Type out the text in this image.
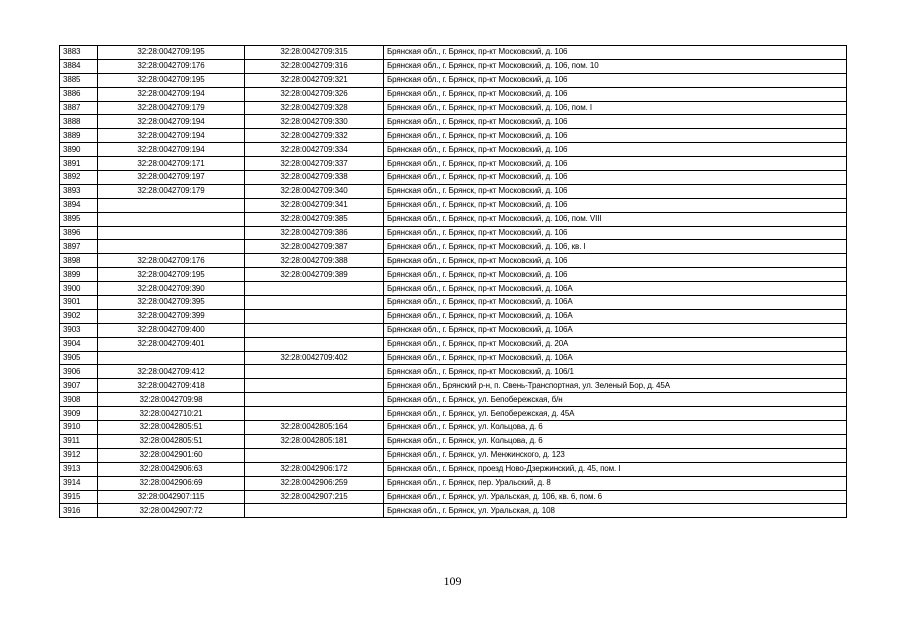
3883	32:28:0042709:195	32:28:0042709:315	Брянская обл., г. Брянск, пр-кт Московский, д. 106
3884	32:28:0042709:176	32:28:0042709:316	Брянская обл., г. Брянск, пр-кт Московский, д. 106, пом. 10
3885	32:28:0042709:195	32:28:0042709:321	Брянская обл., г. Брянск, пр-кт Московский, д. 106
3886	32:28:0042709:194	32:28:0042709:326	Брянская обл., г. Брянск, пр-кт Московский, д. 106
3887	32:28:0042709:179	32:28:0042709:328	Брянская обл., г. Брянск, пр-кт Московский, д. 106, пом. I
3888	32:28:0042709:194	32:28:0042709:330	Брянская обл., г. Брянск, пр-кт Московский, д. 106
3889	32:28:0042709:194	32:28:0042709:332	Брянская обл., г. Брянск, пр-кт Московский, д. 106
3890	32:28:0042709:194	32:28:0042709:334	Брянская обл., г. Брянск, пр-кт Московский, д. 106
3891	32:28:0042709:171	32:28:0042709:337	Брянская обл., г. Брянск, пр-кт Московский, д. 106
3892	32:28:0042709:197	32:28:0042709:338	Брянская обл., г. Брянск, пр-кт Московский, д. 106
3893	32:28:0042709:179	32:28:0042709:340	Брянская обл., г. Брянск, пр-кт Московский, д. 106
3894		32:28:0042709:341	Брянская обл., г. Брянск, пр-кт Московский, д. 106
3895		32:28:0042709:385	Брянская обл., г. Брянск, пр-кт Московский, д. 106, пом. VIII
3896		32:28:0042709:386	Брянская обл., г. Брянск, пр-кт Московский, д. 106
3897		32:28:0042709:387	Брянская обл., г. Брянск, пр-кт Московский, д. 106, кв. I
3898	32:28:0042709:176	32:28:0042709:388	Брянская обл., г. Брянск, пр-кт Московский, д. 106
3899	32:28:0042709:195	32:28:0042709:389	Брянская обл., г. Брянск, пр-кт Московский, д. 106
3900	32:28:0042709:390		Брянская обл., г. Брянск, пр-кт Московский, д. 106А
3901	32:28:0042709:395		Брянская обл., г. Брянск, пр-кт Московский, д. 106А
3902	32:28:0042709:399		Брянская обл., г. Брянск, пр-кт Московский, д. 106А
3903	32:28:0042709:400		Брянская обл., г. Брянск, пр-кт Московский, д. 106А
3904	32:28:0042709:401		Брянская обл., г. Брянск, пр-кт Московский, д. 20А
3905		32:28:0042709:402	Брянская обл., г. Брянск, пр-кт Московский, д. 106А
3906	32:28:0042709:412		Брянская обл., г. Брянск, пр-кт Московский, д. 106/1
3907	32:28:0042709:418		Брянская обл., Брянский р-н, п. Свень-Транспортная, ул. Зеленый Бор, д. 45А
3908	32:28:0042709:98		Брянская обл., г. Брянск, ул. Бепобережская, б/н
3909	32:28:0042710:21		Брянская обл., г. Брянск, ул. Бепобережская, д. 45А
3910	32:28:0042805:51	32:28:0042805:164	Брянская обл., г. Брянск, ул. Кольцова, д. 6
3911	32:28:0042805:51	32:28:0042805:181	Брянская обл., г. Брянск, ул. Кольцова, д. 6
3912	32:28:0042901:60		Брянская обл., г. Брянск, ул. Менжинского, д. 123
3913	32:28:0042906:63	32:28:0042906:172	Брянская обл., г. Брянск, проезд Ново-Дзержинский, д. 45, пом. I
3914	32:28:0042906:69	32:28:0042906:259	Брянская обл., г. Брянск, пер. Уральский, д. 8
3915	32:28:0042907:115	32:28:0042907:215	Брянская обл., г. Брянск, ул. Уральская, д. 106, кв. 6, пом. 6
3916	32:28:0042907:72		Брянская обл., г. Брянск, ул. Уральская, д. 108
109
